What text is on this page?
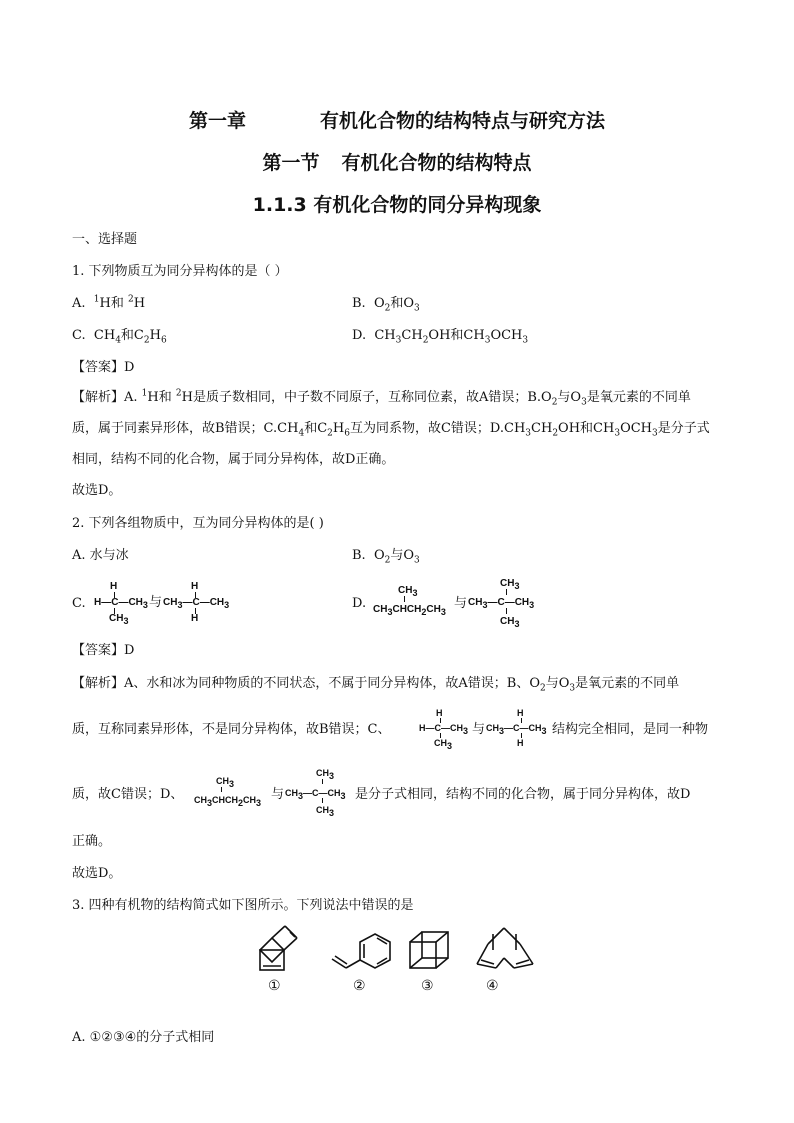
第一章	有机化合物的结构特点与研究方法
第一节 有机化合物的结构特点
1.1.3 有机化合物的同分异构现象
一、选择题
1. 下列物质互为同分异构体的是（ ）
A. $^1$H和 $^2$H	B.  $O_2$和$O_3$
C.  $CH_4$和$C_2H_6$	D.  $CH_3CH_2OH$和$CH_3OCH_3$
【答案】D
【解析】A. $^1$H和 $^2$H是质子数相同，中子数不同原子，互称同位素，故A错误；$B.O_2$与$O_3$是氧元素的不同单
质，属于同素异形体，故B错误；$C.CH_4$和$C_2H_6$互为同系物，故C错误；$D.CH_3CH_2OH$和$CH_3OCH_3$是分子式
相同，结构不同的化合物，属于同分异构体，故D正确。
故选D。
2. 下列各组物质中，互为同分异构体的是( )
A. 水与冰	B.  $O_2$与$O_3$
C.
H
$H—C—CH_3$
$CH_3$
与
H
$CH_3—C—CH_3$
H
D.
$CH_3$
$CH_3CHCH_2CH_3$
与
$CH_3$
$CH_3—C—CH_3$
$CH_3$
【答案】D
【解析】A、水和冰为同种物质的不同状态，不属于同分异构体，故A错误；B、$O_2$与$O_3$是氧元素的不同单
质，互称同素异形体，不是同分异构体，故B错误；C、
H
$H—C—CH_3$
$CH_3$
与
H
$CH_3—C—CH_3$
H
结构完全相同，是同一种物
质，故C错误；D、
$CH_3$
$CH_3CHCH_2CH_3$
与
$CH_3$
$CH_3—C—CH_3$
$CH_3$
是分子式相同，结构不同的化合物，属于同分异构体，故D
正确。
故选D。
3. 四种有机物的结构简式如下图所示。下列说法中错误的是
①	②	③	④
A. ①②③④的分子式相同
